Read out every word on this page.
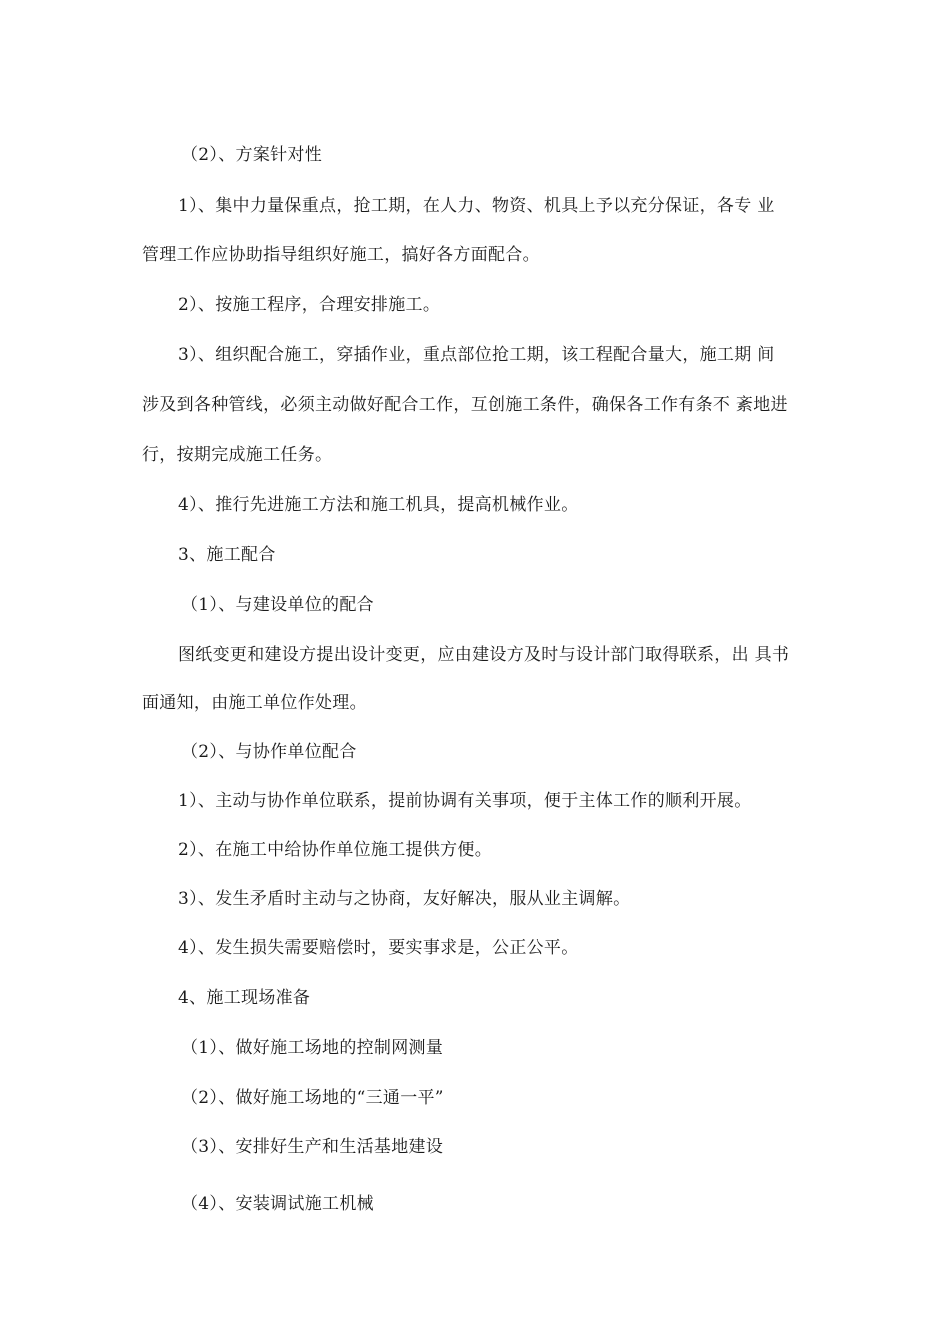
（2）、方案针对性
1）、集中力量保重点，抢工期，在人力、物资、机具上予以充分保证，各专 业
管理工作应协助指导组织好施工，搞好各方面配合。
2）、按施工程序，合理安排施工。
3）、组织配合施工，穿插作业，重点部位抢工期，该工程配合量大，施工期 间
涉及到各种管线，必须主动做好配合工作，互创施工条件，确保各工作有条不 紊地进
行，按期完成施工任务。
4）、推行先进施工方法和施工机具，提高机械作业。
3、施工配合
（1）、与建设单位的配合
图纸变更和建设方提出设计变更，应由建设方及时与设计部门取得联系，出 具书
面通知，由施工单位作处理。
（2）、与协作单位配合
1）、主动与协作单位联系，提前协调有关事项，便于主体工作的顺利开展。
2）、在施工中给协作单位施工提供方便。
3）、发生矛盾时主动与之协商，友好解决，服从业主调解。
4）、发生损失需要赔偿时，要实事求是，公正公平。
4、施工现场准备
（1）、做好施工场地的控制网测量
（2）、做好施工场地的“三通一平”
（3）、安排好生产和生活基地建设
（4）、安装调试施工机械
